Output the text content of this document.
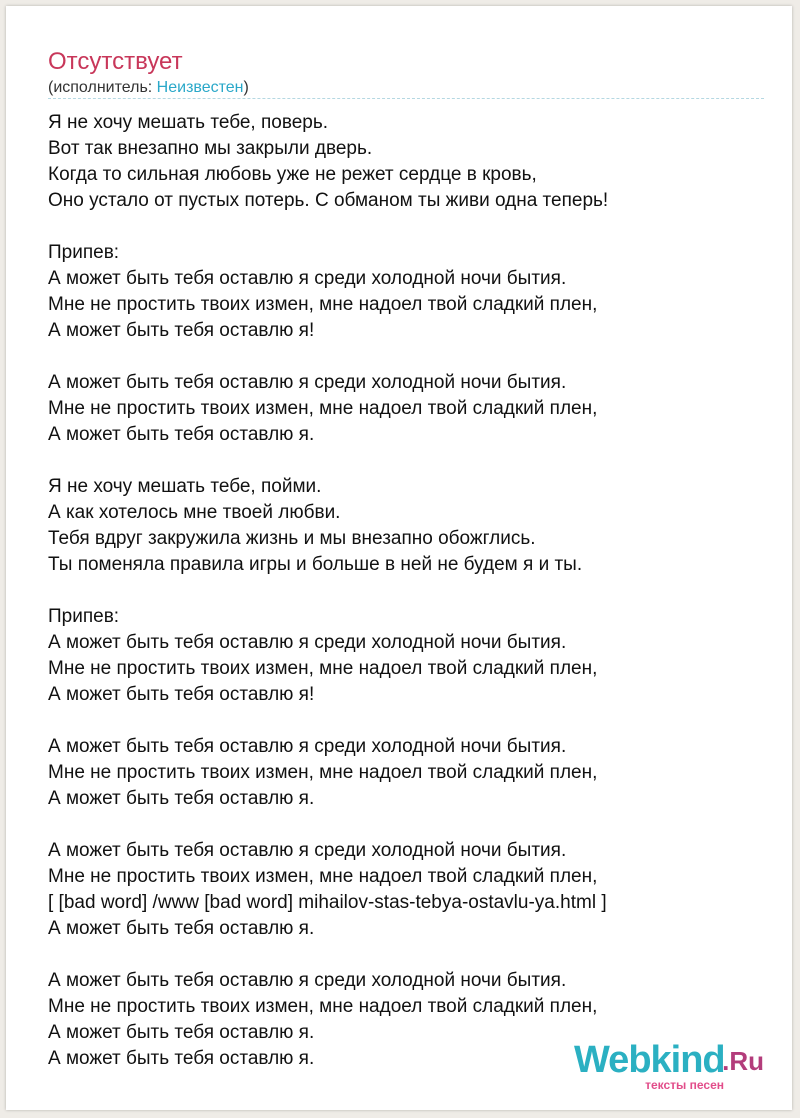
Отсутствует
(исполнитель: Неизвестен)
Я не хочу мешать тебе, поверь.
Вот так внезапно мы закрыли дверь.
Когда то сильная любовь уже не режет сердце в кровь,
Оно устало от пустых потерь. С обманом ты живи одна теперь!
Припев:
А может быть тебя оставлю я среди холодной ночи бытия.
Мне не простить твоих измен, мне надоел твой сладкий плен,
А может быть тебя оставлю я!
А может быть тебя оставлю я среди холодной ночи бытия.
Мне не простить твоих измен, мне надоел твой сладкий плен,
А может быть тебя оставлю я.
Я не хочу мешать тебе, пойми.
А как хотелось мне твоей любви.
Тебя вдруг закружила жизнь и мы внезапно обожглись.
Ты поменяла правила игры и больше в ней не будем я и ты.
Припев:
А может быть тебя оставлю я среди холодной ночи бытия.
Мне не простить твоих измен, мне надоел твой сладкий плен,
А может быть тебя оставлю я!
А может быть тебя оставлю я среди холодной ночи бытия.
Мне не простить твоих измен, мне надоел твой сладкий плен,
А может быть тебя оставлю я.
А может быть тебя оставлю я среди холодной ночи бытия.
Мне не простить твоих измен, мне надоел твой сладкий плен,
[ [bad word] /www [bad word] mihailov-stas-tebya-ostavlu-ya.html ]
А может быть тебя оставлю я.
А может быть тебя оставлю я среди холодной ночи бытия.
Мне не простить твоих измен, мне надоел твой сладкий плен,
А может быть тебя оставлю я.
А может быть тебя оставлю я.	Webkind
.Ru
тексты песен
